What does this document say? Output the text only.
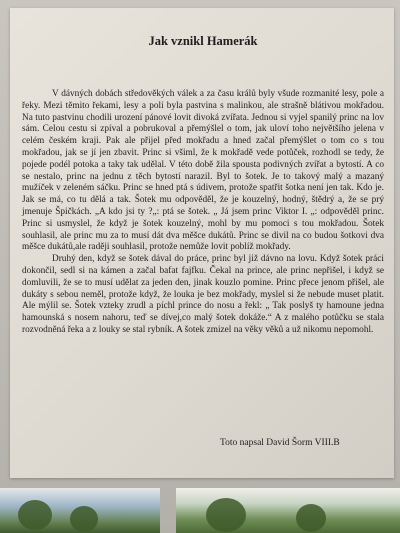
Jak vznikl Hamerák

V dávných dobách středověkých válek a za času králů byly všude rozmanité lesy, pole a řeky. Mezi těmito řekami, lesy a poli byla pastvina s malinkou, ale strašně blátivou mokřadou. Na tuto pastvinu chodili urození pánové lovit divoká zvířata. Jednou si vyjel spanilý princ na lov sám. Celou cestu si zpíval a pobrukoval a přemýšlel o tom, jak uloví toho největšího jelena v celém českém kraji. Pak ale přijel před mokřadu a hned začal přemýšlet o tom co s tou mokřadou, jak se jí jen zbavit. Princ si všiml, že k mokřadě vede potůček, rozhodl se tedy, že pojede podél potoka a taky tak udělal. V této době žila spousta podivných zvířat a bytostí. A co se nestalo, princ na jednu z těch bytostí narazil. Byl to šotek. Je to takový malý a mazaný mužíček v zeleném sáčku. Princ se hned ptá s údivem, protože spatřit šotka není jen tak. Kdo je. Jak se má, co tu dělá a tak. Šotek mu odpověděl, že je kouzelný, hodný, štědrý a, že se prý jmenuje Špičkách. „A kdo jsi ty ?„: ptá se šotek. „ Já jsem princ Viktor I. „: odpověděl princ. Princ si usmyslel, že když je šotek kouzelný, mohl by mu pomoci s tou mokřadou. Šotek souhlasil, ale princ mu za to musí dát dva měšce dukátů. Princ se divil na co budou šotkovi dva měšce dukátů,ale raději souhlasil, protože nemůže lovit poblíž mokřady.

Druhý den, když se šotek dával do práce, princ byl již dávno na lovu. Když šotek práci dokončil, sedl si na kámen a začal bafat fajfku. Čekal na prince, ale princ nepřišel, i když se domluvili, že se to musí udělat za jeden den, jinak kouzlo pomine. Princ přece jenom přišel, ale dukáty s sebou neměl, protože když, že louka je bez mokřady, myslel si že nebude muset platit. Ale mýlil se. Šotek vzteky zrudl a píchl prince do nosu a řekl: „ Tak poslyš ty hamoune jedna hamounská s nosem nahoru, teď se dívej,co malý šotek dokáže.“ A z malého potůčku se stala rozvodněná řeka a z louky se stal rybník. A šotek zmizel na věky věků a už nikomu nepomohl.

Toto napsal David Šorm VIII.B
